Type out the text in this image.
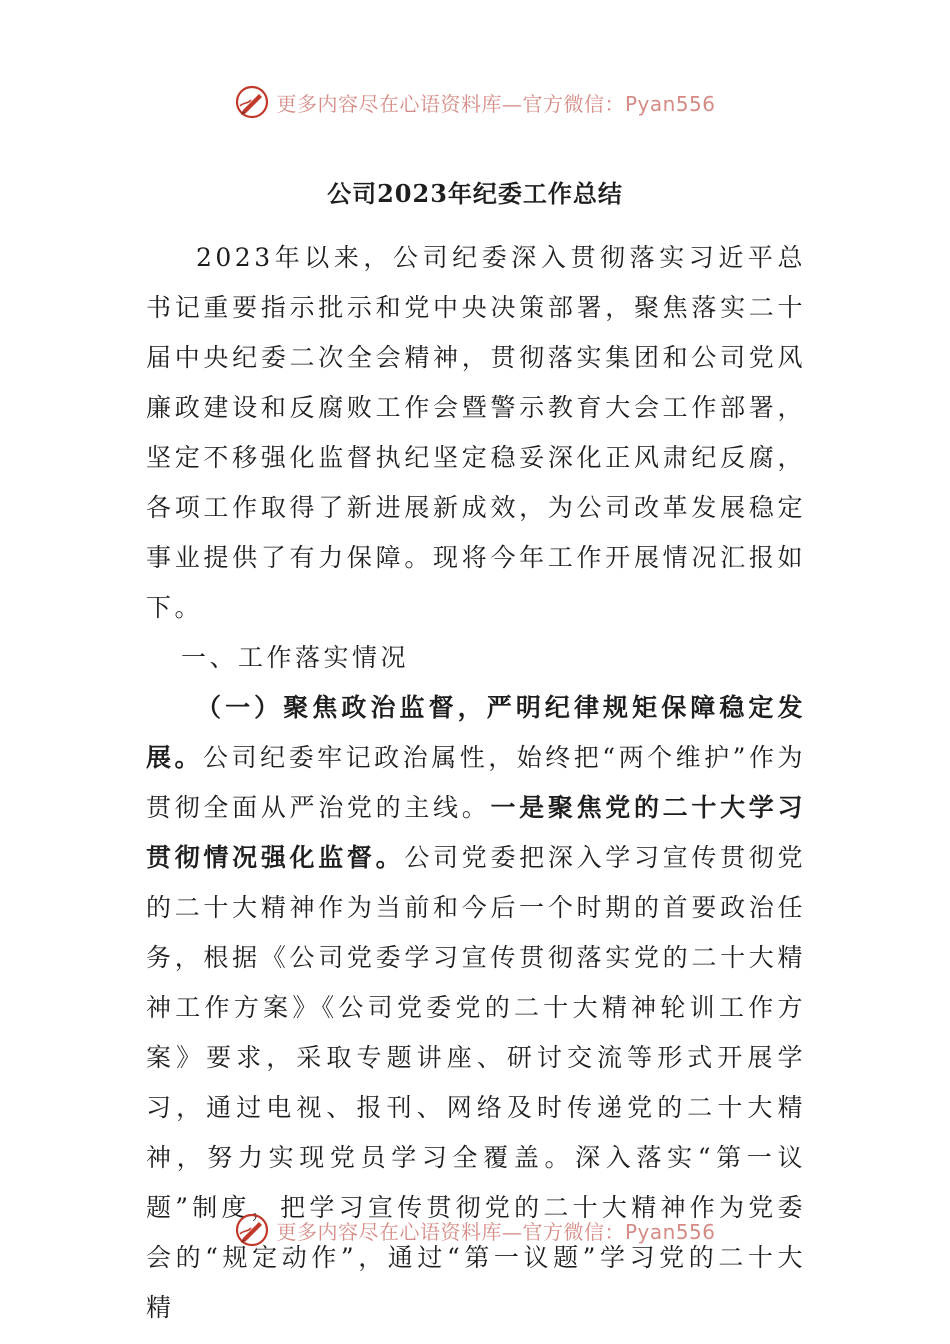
更多内容尽在心语资料库—官方微信：Pyan556
公司2023年纪委工作总结

2023年以来，公司纪委深入贯彻落实习近平总书记重要指示批示和党中央决策部署，聚焦落实二十届中央纪委二次全会精神，贯彻落实集团和公司党风廉政建设和反腐败工作会暨警示教育大会工作部署，坚定不移强化监督执纪坚定稳妥深化正风肃纪反腐，各项工作取得了新进展新成效，为公司改革发展稳定事业提供了有力保障。现将今年工作开展情况汇报如下。

一、工作落实情况

（一）聚焦政治监督，严明纪律规矩保障稳定发展。公司纪委牢记政治属性，始终把“两个维护”作为贯彻全面从严治党的主线。一是聚焦党的二十大学习贯彻情况强化监督。公司党委把深入学习宣传贯彻党的二十大精神作为当前和今后一个时期的首要政治任务，根据《公司党委学习宣传贯彻落实党的二十大精神工作方案》《公司党委党的二十大精神轮训工作方案》要求，采取专题讲座、研讨交流等形式开展学习，通过电视、报刊、网络及时传递党的二十大精神，努力实现党员学习全覆盖。深入落实“第一议题”制度，把学习宣传贯彻党的二十大精神作为党委会的“规定动作”，通过“第一议题”学习党的二十大精

更多内容尽在心语资料库—官方微信：Pyan556
